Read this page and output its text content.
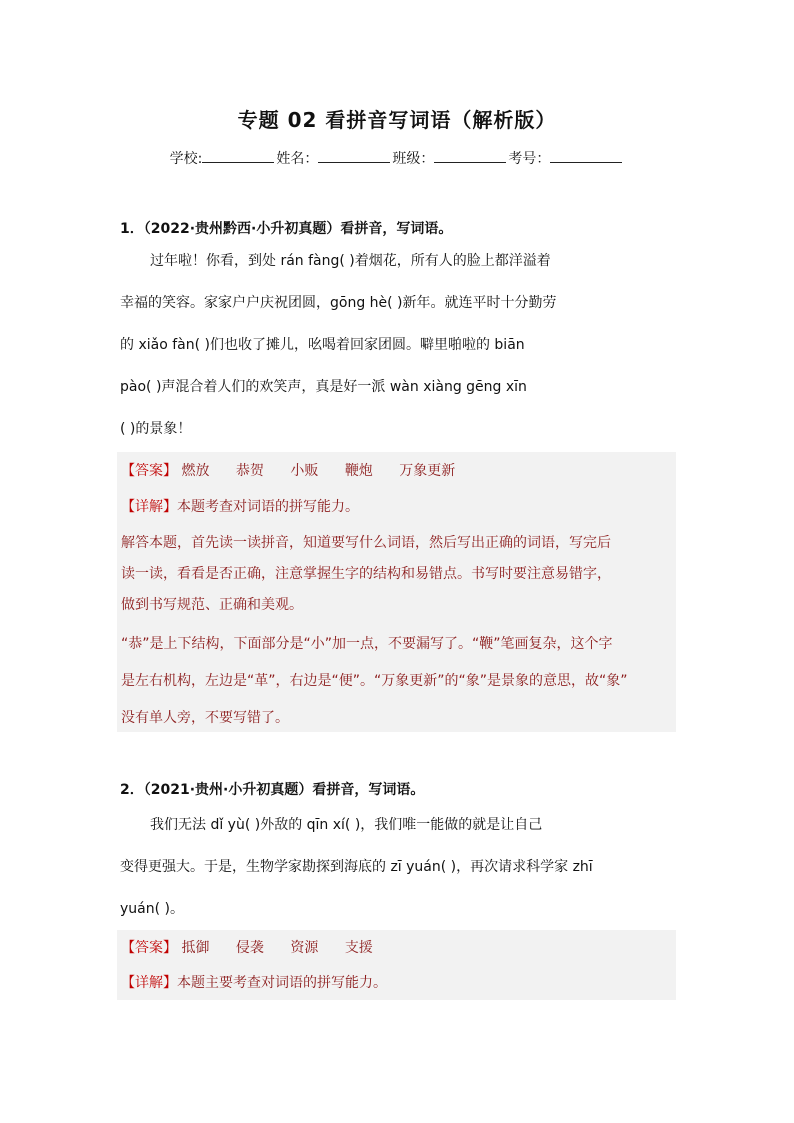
专题 02 看拼音写词语（解析版）
学校:	姓名：	班级：	考号：
1．（2022·贵州黔西·小升初真题）看拼音，写词语。

过年啦！你看，到处 rán fàng( )着烟花，所有人的脸上都洋溢着

幸福的笑容。家家户户庆祝团圆，gōng hè( )新年。就连平时十分勤劳

的 xiǎo fàn( )们也收了摊儿，吆喝着回家团圆。噼里啪啦的 biān

pào( )声混合着人们的欢笑声，真是好一派 wàn xiàng gēng xīn

( )的景象！

【答案】 燃放 恭贺 小贩 鞭炮 万象更新
【详解】本题考查对词语的拼写能力。
解答本题，首先读一读拼音，知道要写什么词语，然后写出正确的词语，写完后
读一读，看看是否正确，注意掌握生字的结构和易错点。书写时要注意易错字，
做到书写规范、正确和美观。
“恭”是上下结构，下面部分是“小”加一点，不要漏写了。“鞭”笔画复杂，这个字
是左右机构，左边是“革”，右边是“便”。“万象更新”的“象”是景象的意思，故“象”
没有单人旁，不要写错了。
2．（2021·贵州·小升初真题）看拼音，写词语。

我们无法 dǐ yù( )外敌的 qīn xí( )，我们唯一能做的就是让自己

变得更强大。于是，生物学家勘探到海底的 zī yuán( )，再次请求科学家 zhī

yuán( )。

【答案】 抵御 侵袭 资源 支援
【详解】本题主要考查对词语的拼写能力。
